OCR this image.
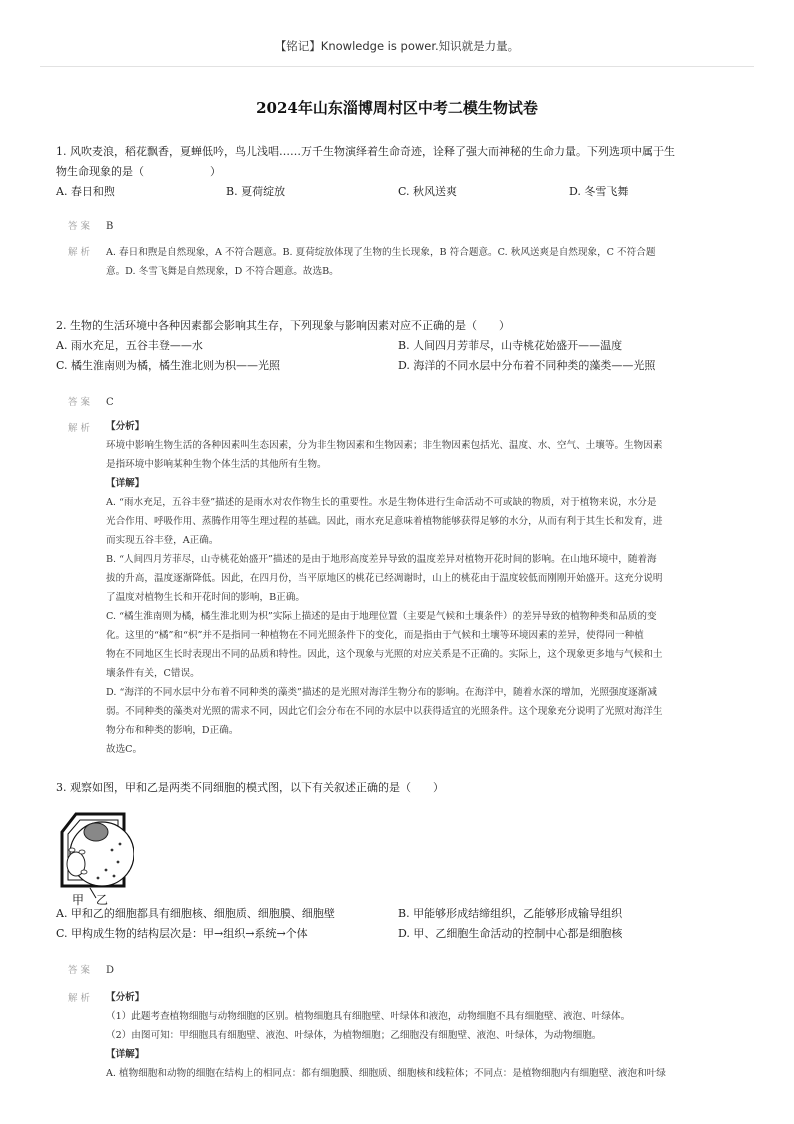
【铭记】Knowledge is power.知识就是力量。
2024年山东淄博周村区中考二模生物试卷

1. 风吹麦浪，稻花飘香，夏蝉低吟，鸟儿浅唱……万千生物演绎着生命奇迹，诠释了强大而神秘的生命力量。下列选项中属于生

物生命现象的是（　　　　　　）

A. 春日和煦	B. 夏荷绽放	C. 秋风送爽	D. 冬雪飞舞
答案 B
解析 A. 春日和煦是自然现象，A 不符合题意。B. 夏荷绽放体现了生物的生长现象，B 符合题意。C. 秋风送爽是自然现象，C 不符合题

意。D. 冬雪飞舞是自然现象，D 不符合题意。故选B。

2. 生物的生活环境中各种因素都会影响其生存，下列现象与影响因素对应不正确的是（　　）

A. 雨水充足，五谷丰登——水	B. 人间四月芳菲尽，山寺桃花始盛开——温度
C. 橘生淮南则为橘，橘生淮北则为枳——光照	D. 海洋的不同水层中分布着不同种类的藻类——光照
答案 C
解析 【分析】

环境中影响生物生活的各种因素叫生态因素，分为非生物因素和生物因素；非生物因素包括光、温度、水、空气、土壤等。生物因素

是指环境中影响某种生物个体生活的其他所有生物。

【详解】

A. “雨水充足，五谷丰登”描述的是雨水对农作物生长的重要性。水是生物体进行生命活动不可或缺的物质，对于植物来说，水分是

光合作用、呼吸作用、蒸腾作用等生理过程的基础。因此，雨水充足意味着植物能够获得足够的水分，从而有利于其生长和发育，进

而实现五谷丰登，A正确。

B. “人间四月芳菲尽，山寺桃花始盛开”描述的是由于地形高度差异导致的温度差异对植物开花时间的影响。在山地环境中，随着海

拔的升高，温度逐渐降低。因此，在四月份，当平原地区的桃花已经凋谢时，山上的桃花由于温度较低而刚刚开始盛开。这充分说明

了温度对植物生长和开花时间的影响，B正确。

C. “橘生淮南则为橘，橘生淮北则为枳”实际上描述的是由于地理位置（主要是气候和土壤条件）的差异导致的植物种类和品质的变

化。这里的“橘”和“枳”并不是指同一种植物在不同光照条件下的变化，而是指由于气候和土壤等环境因素的差异，使得同一种植

物在不同地区生长时表现出不同的品质和特性。因此，这个现象与光照的对应关系是不正确的。实际上，这个现象更多地与气候和土

壤条件有关，C错误。

D. “海洋的不同水层中分布着不同种类的藻类”描述的是光照对海洋生物分布的影响。在海洋中，随着水深的增加，光照强度逐渐减

弱。不同种类的藻类对光照的需求不同，因此它们会分布在不同的水层中以获得适宜的光照条件。这个现象充分说明了光照对海洋生

物分布和种类的影响，D正确。

故选C。

3. 观察如图，甲和乙是两类不同细胞的模式图，以下有关叙述正确的是（　　）

甲 乙
A. 甲和乙的细胞都具有细胞核、细胞质、细胞膜、细胞壁	B. 甲能够形成结缔组织，乙能够形成输导组织
C. 甲构成生物的结构层次是：甲→组织→系统→个体	D. 甲、乙细胞生命活动的控制中心都是细胞核
答案 D
解析 【分析】

（1）此题考查植物细胞与动物细胞的区别。植物细胞具有细胞壁、叶绿体和液泡，动物细胞不具有细胞壁、液泡、叶绿体。

（2）由图可知：甲细胞具有细胞壁、液泡、叶绿体，为植物细胞；乙细胞没有细胞壁、液泡、叶绿体，为动物细胞。

【详解】

A. 植物细胞和动物的细胞在结构上的相同点：都有细胞膜、细胞质、细胞核和线粒体；不同点：是植物细胞内有细胞壁、液泡和叶绿
